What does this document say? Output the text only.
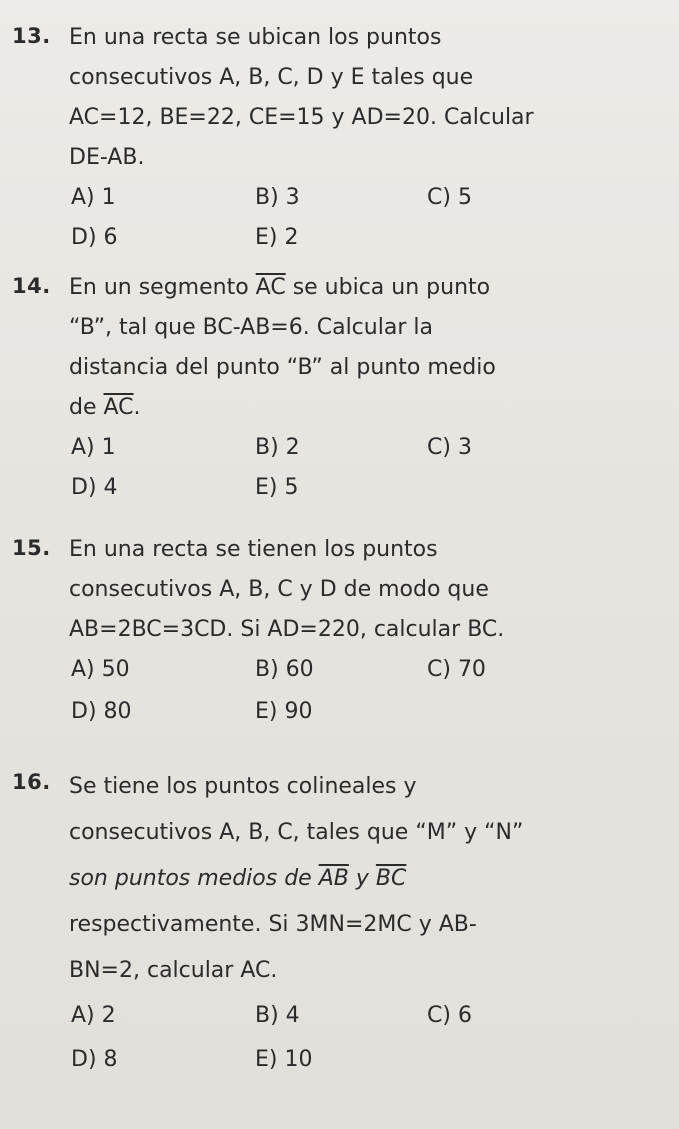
13. En una recta se ubican los puntos
consecutivos A, B, C, D y E tales que
AC=12, BE=22, CE=15 y AD=20. Calcular
DE-AB.
A) 1	B) 3	C) 5
D) 6	E) 2
14. En un segmento $\overline{AC}$ se ubica un punto
“B”, tal que BC-AB=6. Calcular la
distancia del punto “B” al punto medio
de $\overline{AC}$.
A) 1	B) 2	C) 3
D) 4	E) 5
15. En una recta se tienen los puntos
consecutivos A, B, C y D de modo que
AB=2BC=3CD. Si AD=220, calcular BC.
A) 50	B) 60	C) 70
D) 80	E) 90
16. Se tiene los puntos colineales y
consecutivos A, B, C, tales que “M” y “N”
son puntos medios de $\overline{AB}$ y $\overline{BC}$
respectivamente. Si 3MN=2MC y AB-
BN=2, calcular AC.
A) 2	B) 4	C) 6
D) 8	E) 10
